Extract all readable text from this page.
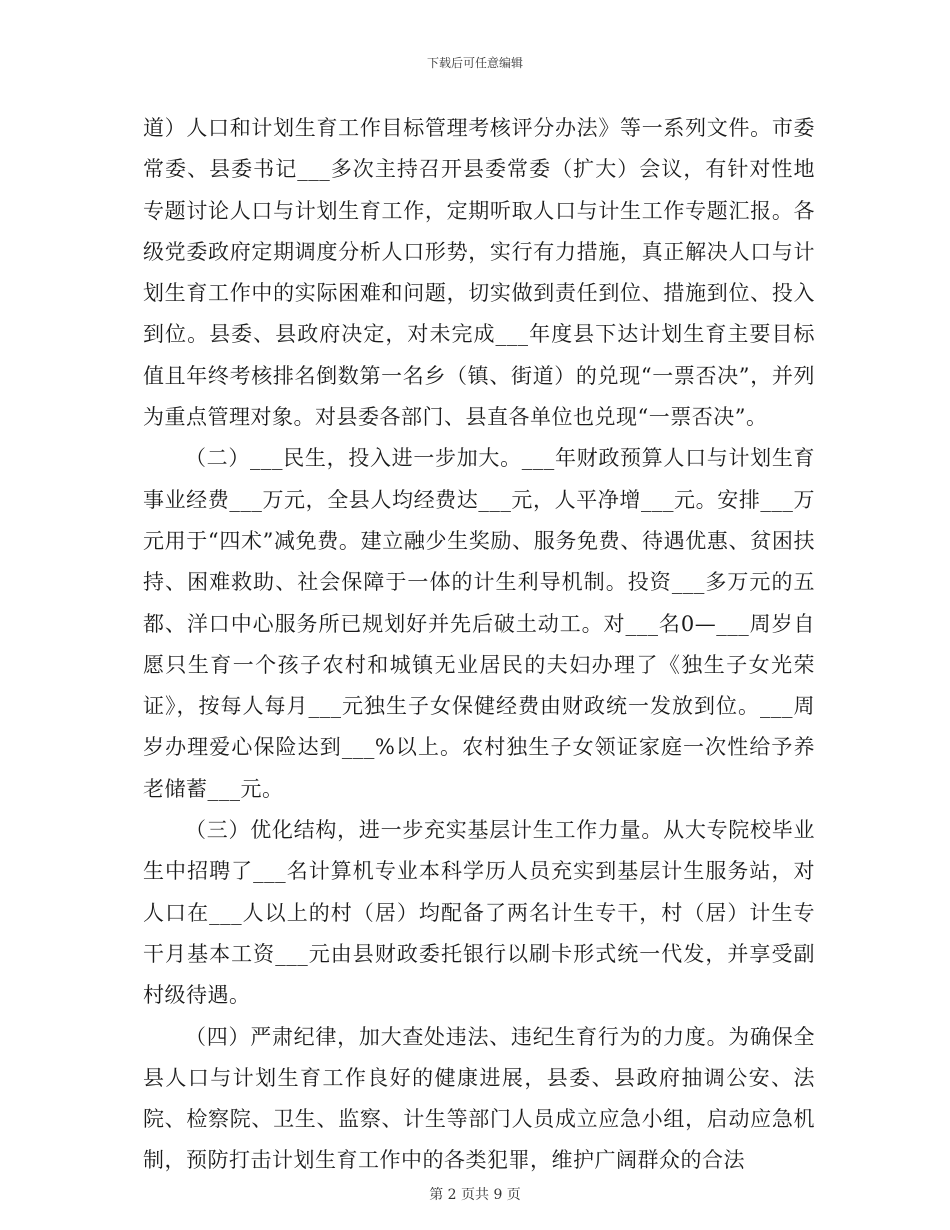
下载后可任意编辑

道）人口和计划生育工作目标管理考核评分办法》等一系列文件。市委常委、县委书记___多次主持召开县委常委（扩大）会议，有针对性地专题讨论人口与计划生育工作，定期听取人口与计生工作专题汇报。各级党委政府定期调度分析人口形势，实行有力措施，真正解决人口与计划生育工作中的实际困难和问题，切实做到责任到位、措施到位、投入到位。县委、县政府决定，对未完成___年度县下达计划生育主要目标值且年终考核排名倒数第一名乡（镇、街道）的兑现“一票否决”，并列为重点管理对象。对县委各部门、县直各单位也兑现“一票否决”。

（二）___民生，投入进一步加大。___年财政预算人口与计划生育事业经费___万元，全县人均经费达___元，人平净增___元。安排___万元用于“四术”减免费。建立融少生奖励、服务免费、待遇优惠、贫困扶持、困难救助、社会保障于一体的计生利导机制。投资___多万元的五都、洋口中心服务所已规划好并先后破土动工。对___名0—___周岁自愿只生育一个孩子农村和城镇无业居民的夫妇办理了《独生子女光荣证》，按每人每月___元独生子女保健经费由财政统一发放到位。___周岁办理爱心保险达到___%以上。农村独生子女领证家庭一次性给予养老储蓄___元。

（三）优化结构，进一步充实基层计生工作力量。从大专院校毕业生中招聘了___名计算机专业本科学历人员充实到基层计生服务站，对人口在___人以上的村（居）均配备了两名计生专干，村（居）计生专干月基本工资___元由县财政委托银行以刷卡形式统一代发，并享受副村级待遇。

（四）严肃纪律，加大查处违法、违纪生育行为的力度。为确保全县人口与计划生育工作良好的健康进展，县委、县政府抽调公安、法院、检察院、卫生、监察、计生等部门人员成立应急小组，启动应急机制，预防打击计划生育工作中的各类犯罪，维护广阔群众的合法

第 2 页共 9 页
